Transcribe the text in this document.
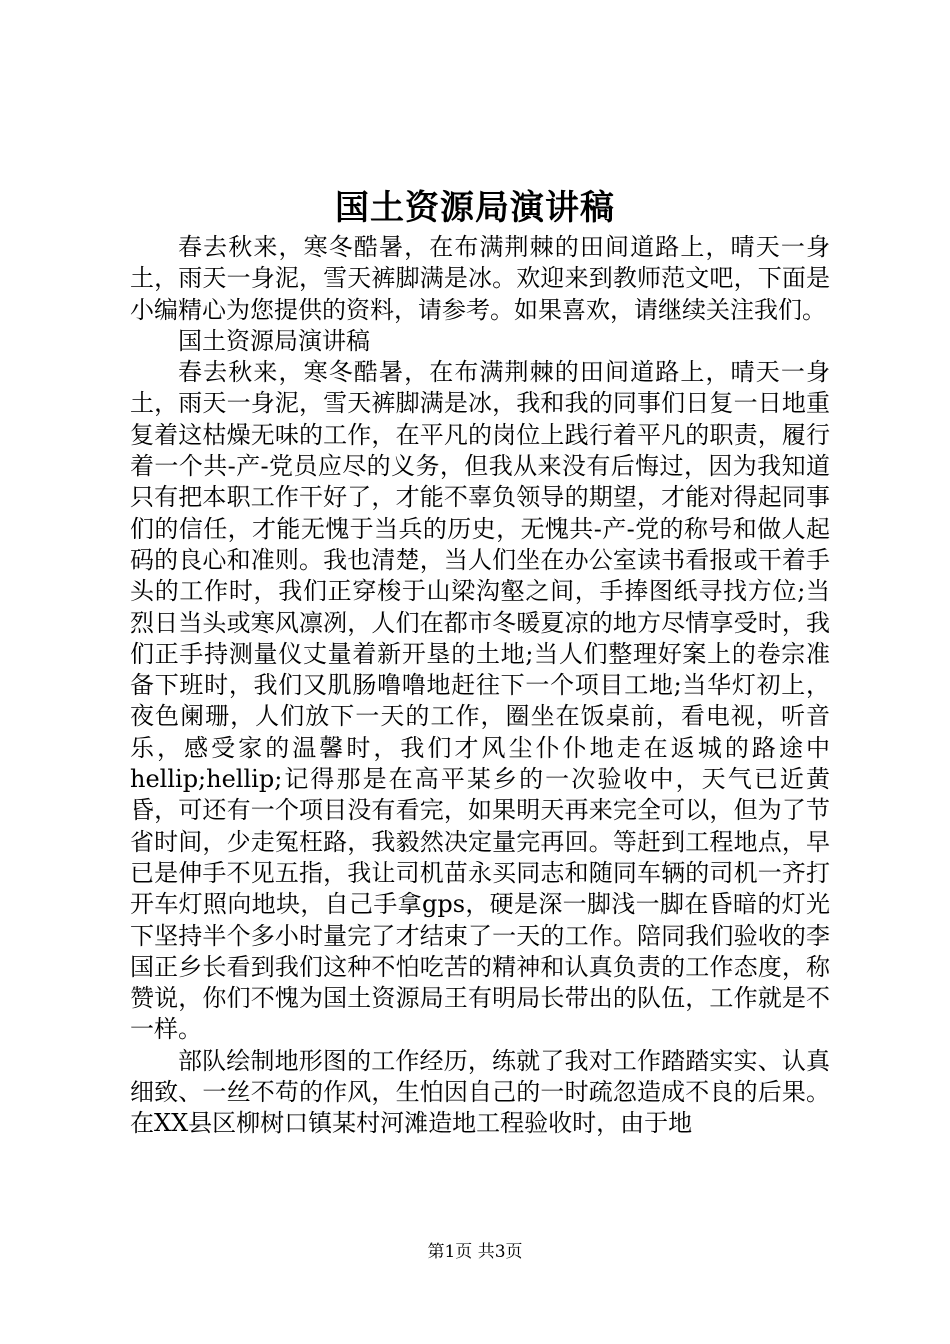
国土资源局演讲稿

春去秋来，寒冬酷暑，在布满荆棘的田间道路上，晴天一身土，雨天一身泥，雪天裤脚满是冰。欢迎来到教师范文吧，下面是小编精心为您提供的资料，请参考。如果喜欢，请继续关注我们。

国土资源局演讲稿

春去秋来，寒冬酷暑，在布满荆棘的田间道路上，晴天一身土，雨天一身泥，雪天裤脚满是冰，我和我的同事们日复一日地重复着这枯燥无味的工作，在平凡的岗位上践行着平凡的职责，履行着一个共-产-党员应尽的义务，但我从来没有后悔过，因为我知道只有把本职工作干好了，才能不辜负领导的期望，才能对得起同事们的信任，才能无愧于当兵的历史，无愧共-产-党的称号和做人起码的良心和准则。我也清楚，当人们坐在办公室读书看报或干着手头的工作时，我们正穿梭于山梁沟壑之间，手捧图纸寻找方位;当烈日当头或寒风凛冽，人们在都市冬暖夏凉的地方尽情享受时，我们正手持测量仪丈量着新开垦的土地;当人们整理好案上的卷宗准备下班时，我们又肌肠噜噜地赶往下一个项目工地;当华灯初上，夜色阑珊，人们放下一天的工作，圈坐在饭桌前，看电视，听音乐，感受家的温馨时，我们才风尘仆仆地走在返城的路途中hellip;hellip;记得那是在高平某乡的一次验收中，天气已近黄昏，可还有一个项目没有看完，如果明天再来完全可以，但为了节省时间，少走冤枉路，我毅然决定量完再回。等赶到工程地点，早已是伸手不见五指，我让司机苗永买同志和随同车辆的司机一齐打开车灯照向地块，自己手拿gps，硬是深一脚浅一脚在昏暗的灯光下坚持半个多小时量完了才结束了一天的工作。陪同我们验收的李国正乡长看到我们这种不怕吃苦的精神和认真负责的工作态度，称赞说，你们不愧为国土资源局王有明局长带出的队伍，工作就是不一样。

部队绘制地形图的工作经历，练就了我对工作踏踏实实、认真细致、一丝不苟的作风，生怕因自己的一时疏忽造成不良的后果。在XX县区柳树口镇某村河滩造地工程验收时，由于地

第1页 共3页
